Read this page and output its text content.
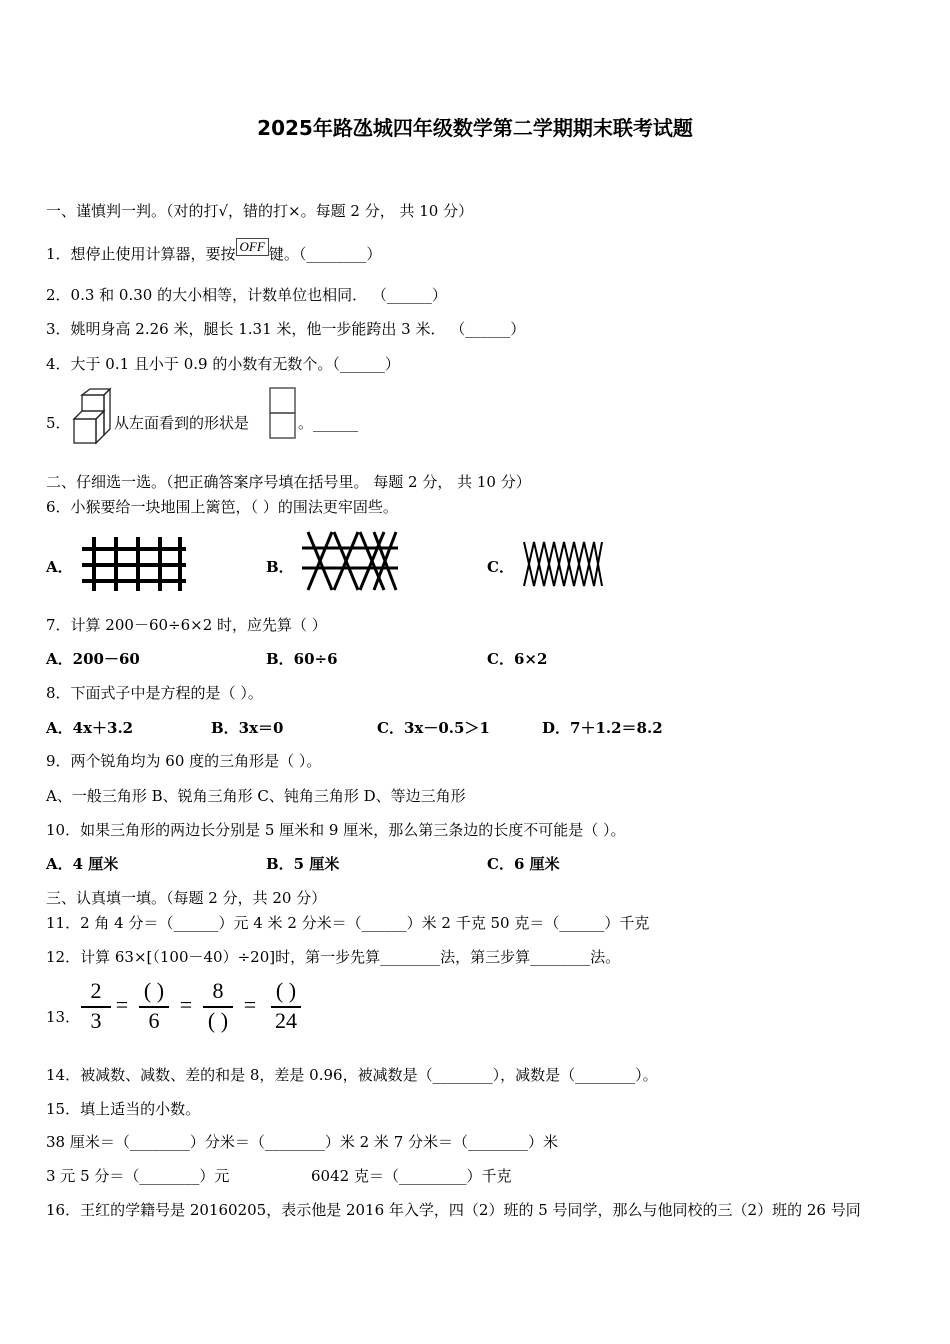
2025年路氹城四年级数学第二学期期末联考试题
一、谨慎判一判。（对的打√，错的打×。每题 2 分， 共 10 分）
1．想停止使用计算器，要按 OFF 键。（________）
2．0.3 和 0.30 的大小相等，计数单位也相同． （______）
3．姚明身高 2.26 米，腿长 1.31 米，他一步能跨出 3 米． （______）
4．大于 0.1 且小于 0.9 的小数有无数个。（______）
5．	从左面看到的形状是	。______
二、仔细选一选。（把正确答案序号填在括号里。 每题 2 分， 共 10 分）
6．小猴要给一块地围上篱笆，（ ）的围法更牢固些。
A．	B．	C．
7．计算 200－60÷6×2 时，应先算（ ）
A．200－60	B．60÷6	C．6×2
8．下面式子中是方程的是（ ）。
A．4x＋3.2	B．3x＝0	C．3x－0.5＞1	D．7＋1.2＝8.2
9．两个锐角均为 60 度的三角形是（ ）。
A、一般三角形 B、锐角三角形 C、钝角三角形 D、等边三角形
10．如果三角形的两边长分别是 5 厘米和 9 厘米，那么第三条边的长度不可能是（ ）。
A．4 厘米	B．5 厘米	C．6 厘米
三、认真填一填。（每题 2 分，共 20 分）
11．2 角 4 分＝（______）元 4 米 2 分米＝（______）米 2 千克 50 克＝（______）千克
12．计算 63×[（100－40）÷20]时，第一步先算________法，第三步算________法。
13．
2
3
=
( )
6
=
8
( )
=
( )
24
14．被减数、减数、差的和是 8，差是 0.96，被减数是（________），减数是（________）。
15．填上适当的小数。
38 厘米＝（________）分米＝（________）米 2 米 7 分米＝（________）米
3 元 5 分＝（________）元	6042 克＝（_________）千克
16．王红的学籍号是 20160205，表示他是 2016 年入学，四（2）班的 5 号同学，那么与他同校的三（2）班的 26 号同
